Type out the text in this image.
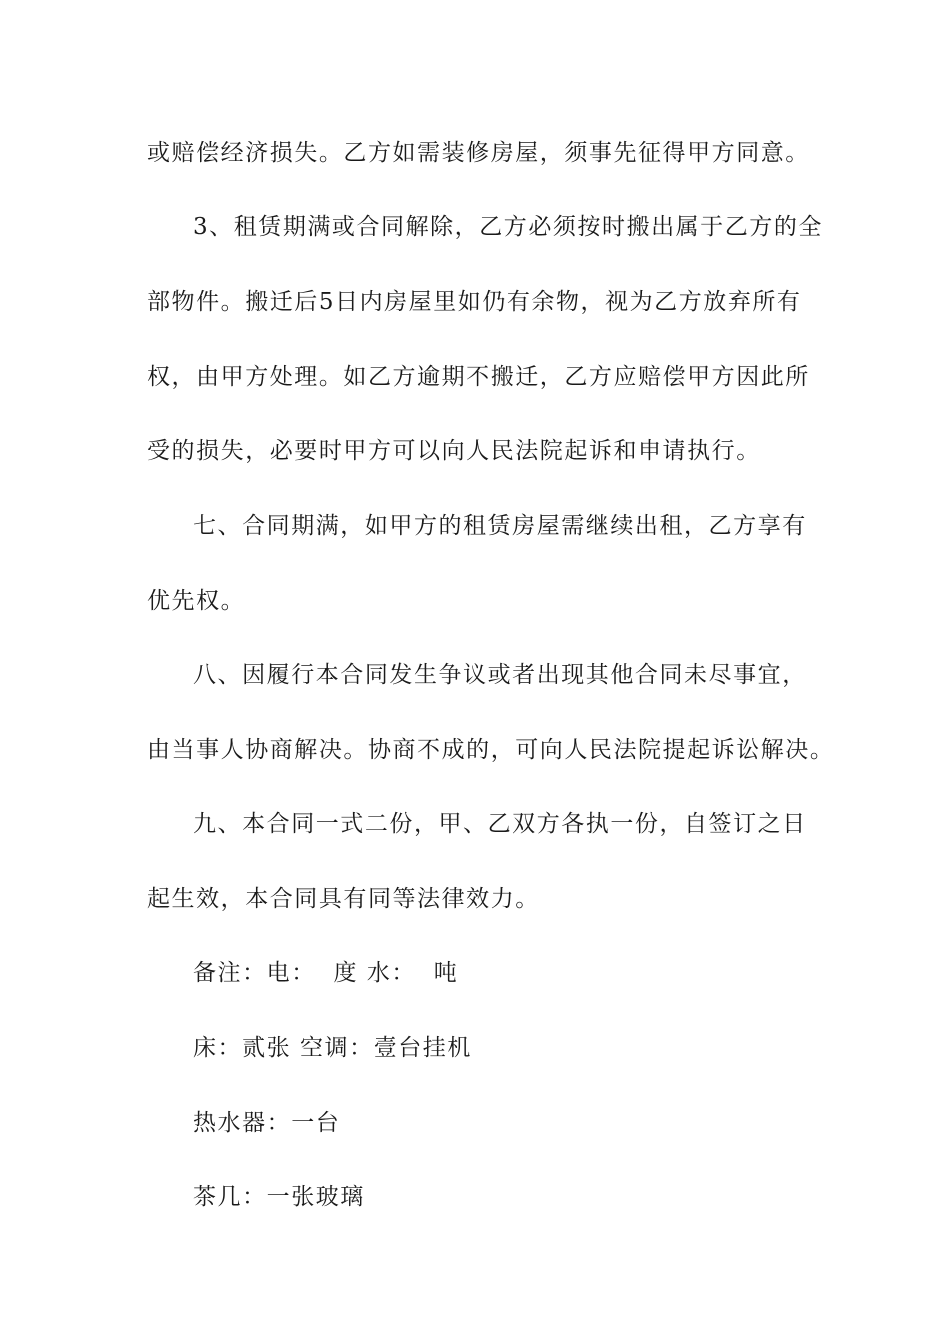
或赔偿经济损失。乙方如需装修房屋，须事先征得甲方同意。
3、租赁期满或合同解除，乙方必须按时搬出属于乙方的全
部物件。搬迁后5日内房屋里如仍有余物，视为乙方放弃所有
权，由甲方处理。如乙方逾期不搬迁，乙方应赔偿甲方因此所
受的损失，必要时甲方可以向人民法院起诉和申请执行。
七、合同期满，如甲方的租赁房屋需继续出租，乙方享有
优先权。
八、因履行本合同发生争议或者出现其他合同未尽事宜，
由当事人协商解决。协商不成的，可向人民法院提起诉讼解决。
九、本合同一式二份，甲、乙双方各执一份，自签订之日
起生效，本合同具有同等法律效力。
备注：电：  度 水：  吨
床：贰张 空调：壹台挂机
热水器：一台
茶几：一张玻璃
